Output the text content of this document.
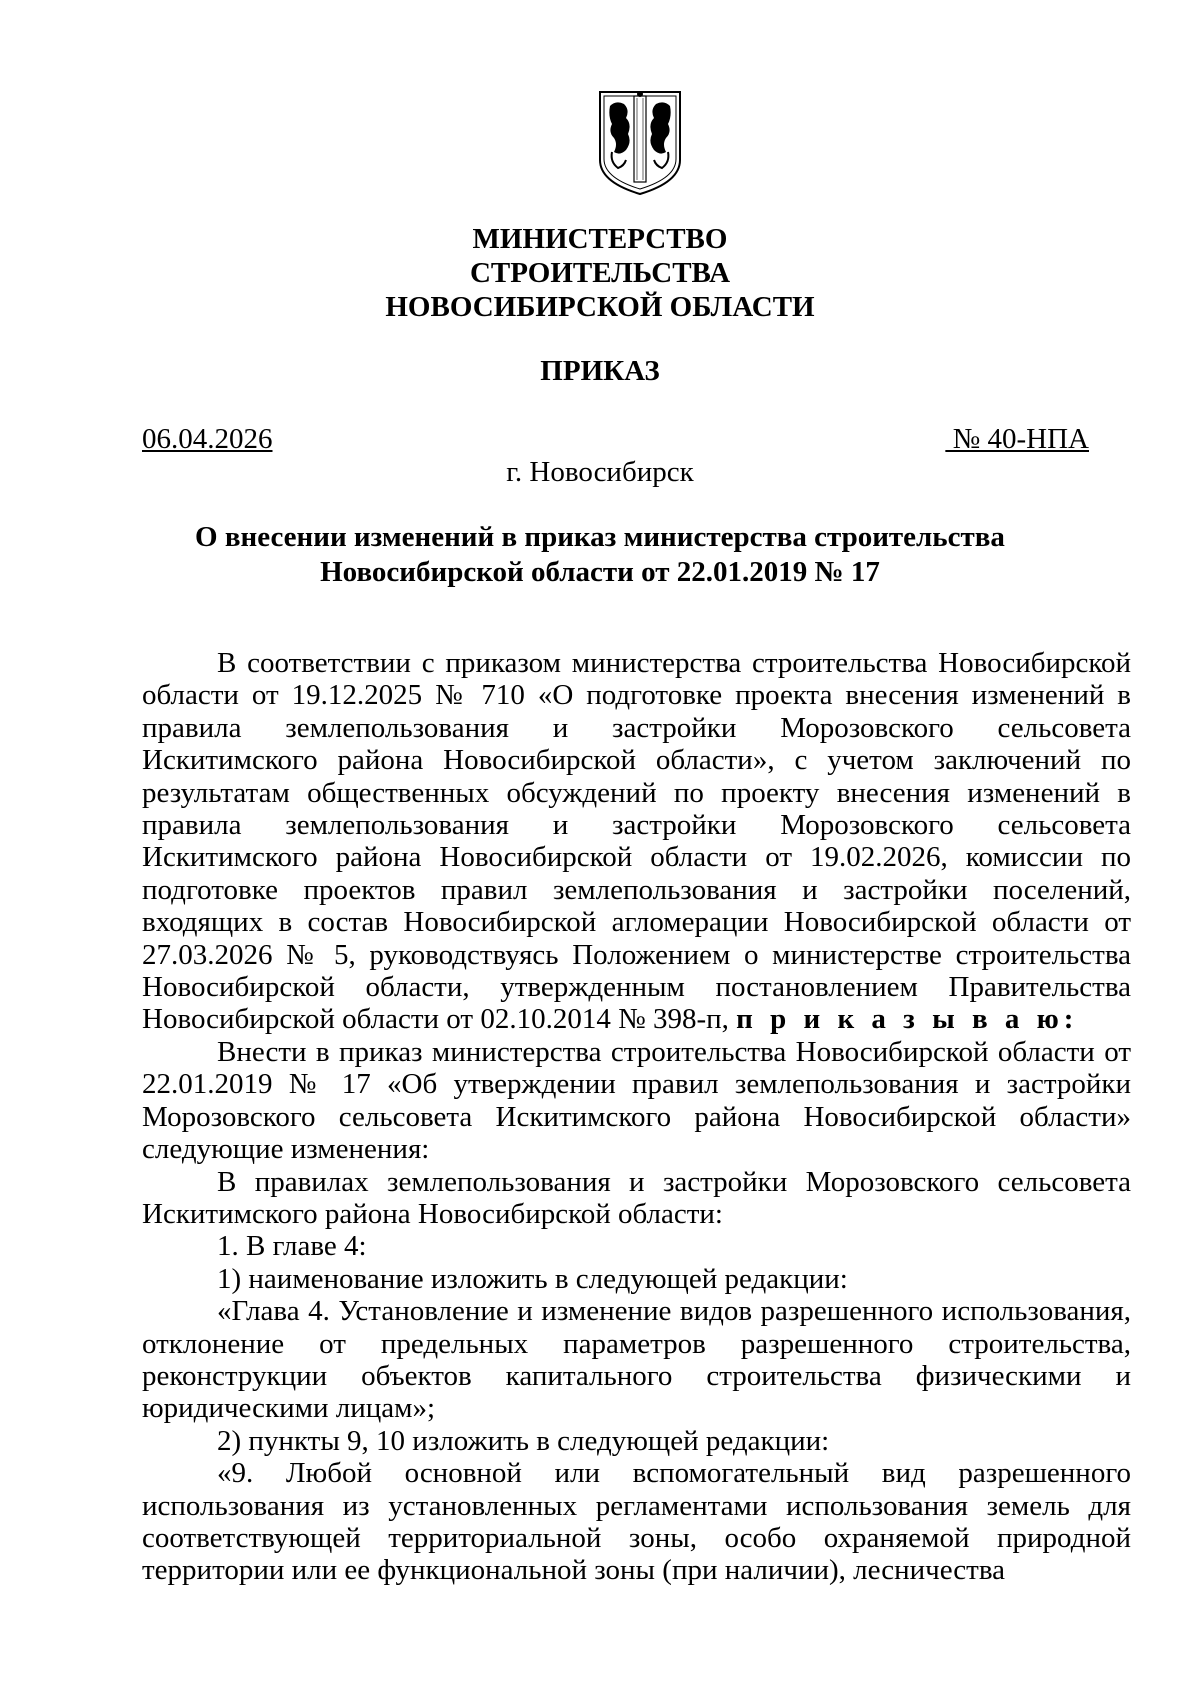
МИНИСТЕРСТВО
СТРОИТЕЛЬСТВА
НОВОСИБИРСКОЙ ОБЛАСТИ
ПРИКАЗ
06.04.2026	№ 40-НПА
г. Новосибирск
О внесении изменений в приказ министерства строительства
Новосибирской области от 22.01.2019 № 17

В соответствии с приказом министерства строительства Новосибирской области от 19.12.2025 № 710 «О подготовке проекта внесения изменений в правила землепользования и застройки Морозовского сельсовета Искитимского района Новосибирской области», с учетом заключений по результатам общественных обсуждений по проекту внесения изменений в правила землепользования и застройки Морозовского сельсовета Искитимского района Новосибирской области от 19.02.2026, комиссии по подготовке проектов правил землепользования и застройки поселений, входящих в состав Новосибирской агломерации Новосибирской области от 27.03.2026 № 5, руководствуясь Положением о министерстве строительства Новосибирской области, утвержденным постановлением Правительства Новосибирской области от 02.10.2014 № 398-п, п р и к а з ы в а ю:

Внести в приказ министерства строительства Новосибирской области от 22.01.2019 № 17 «Об утверждении правил землепользования и застройки Морозовского сельсовета Искитимского района Новосибирской области» следующие изменения:

В правилах землепользования и застройки Морозовского сельсовета Искитимского района Новосибирской области:

1. В главе 4:

1) наименование изложить в следующей редакции:

«Глава 4. Установление и изменение видов разрешенного использования, отклонение от предельных параметров разрешенного строительства, реконструкции объектов капитального строительства физическими и юридическими лицам»;

2) пункты 9, 10 изложить в следующей редакции:

«9. Любой основной или вспомогательный вид разрешенного использования из установленных регламентами использования земель для соответствующей территориальной зоны, особо охраняемой природной территории или ее функциональной зоны (при наличии), лесничества
